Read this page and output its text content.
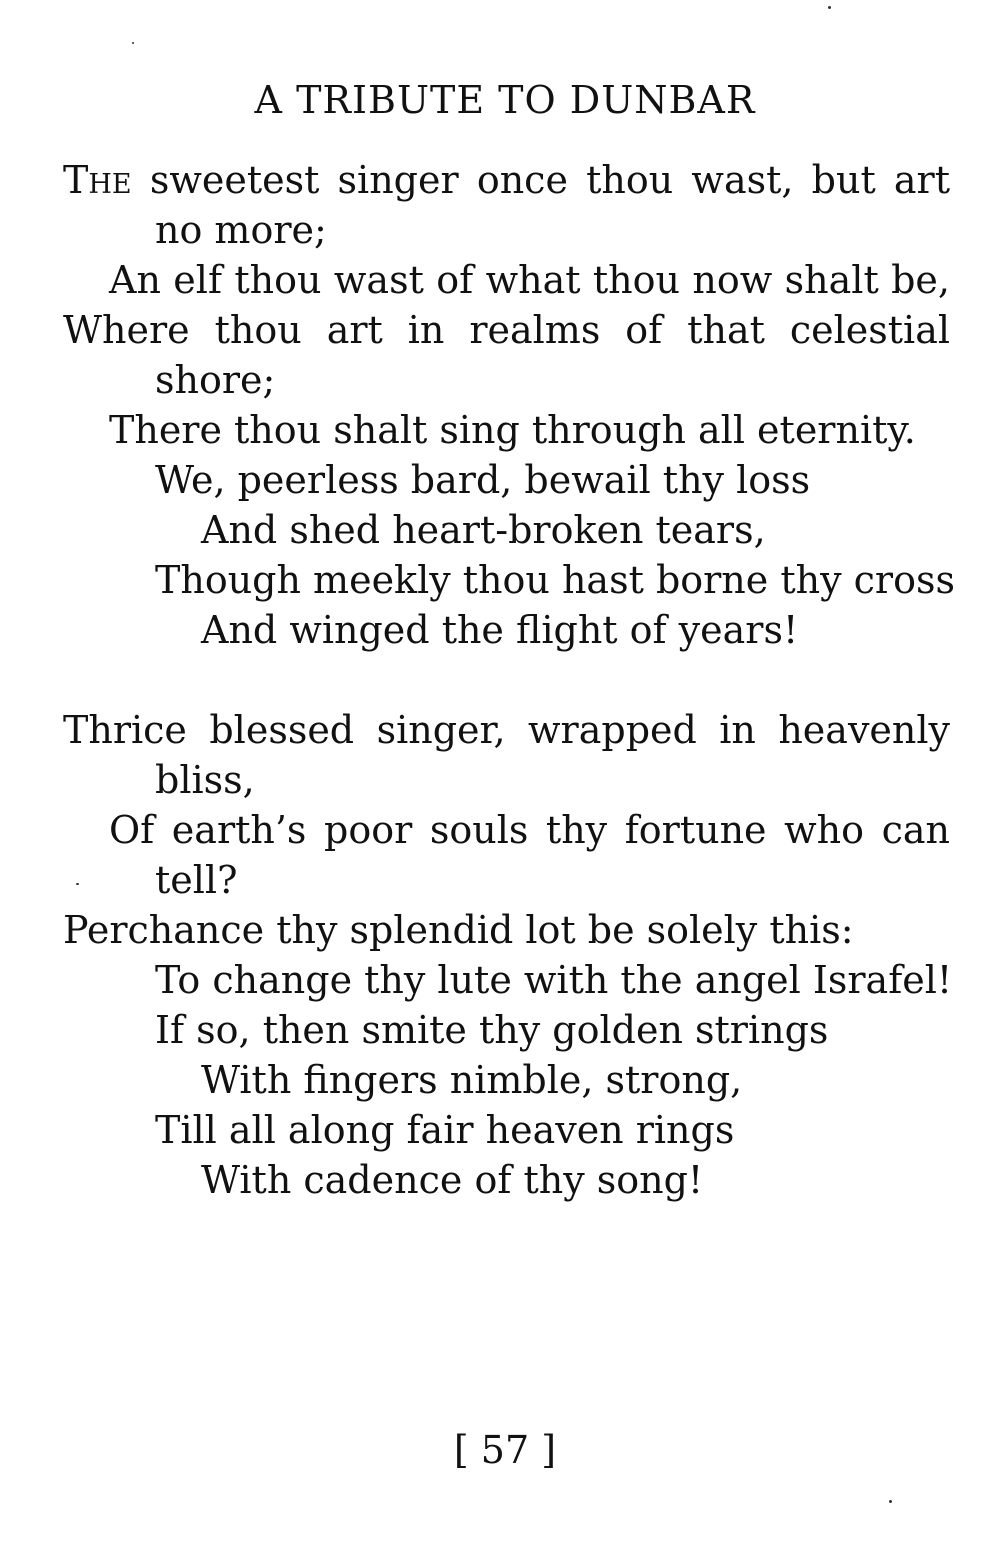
A TRIBUTE TO DUNBAR
The sweetest singer once thou wast, but art
no more;
An elf thou wast of what thou now shalt be,
Where thou art in realms of that celestial
shore;
There thou shalt sing through all eternity.
We, peerless bard, bewail thy loss
And shed heart-broken tears,
Though meekly thou hast borne thy cross
And winged the flight of years!
Thrice blessed singer, wrapped in heavenly
bliss,
Of earth’s poor souls thy fortune who can
tell?
Perchance thy splendid lot be solely this:
To change thy lute with the angel Israfel!
If so, then smite thy golden strings
With fingers nimble, strong,
Till all along fair heaven rings
With cadence of thy song!
[ 57 ]
